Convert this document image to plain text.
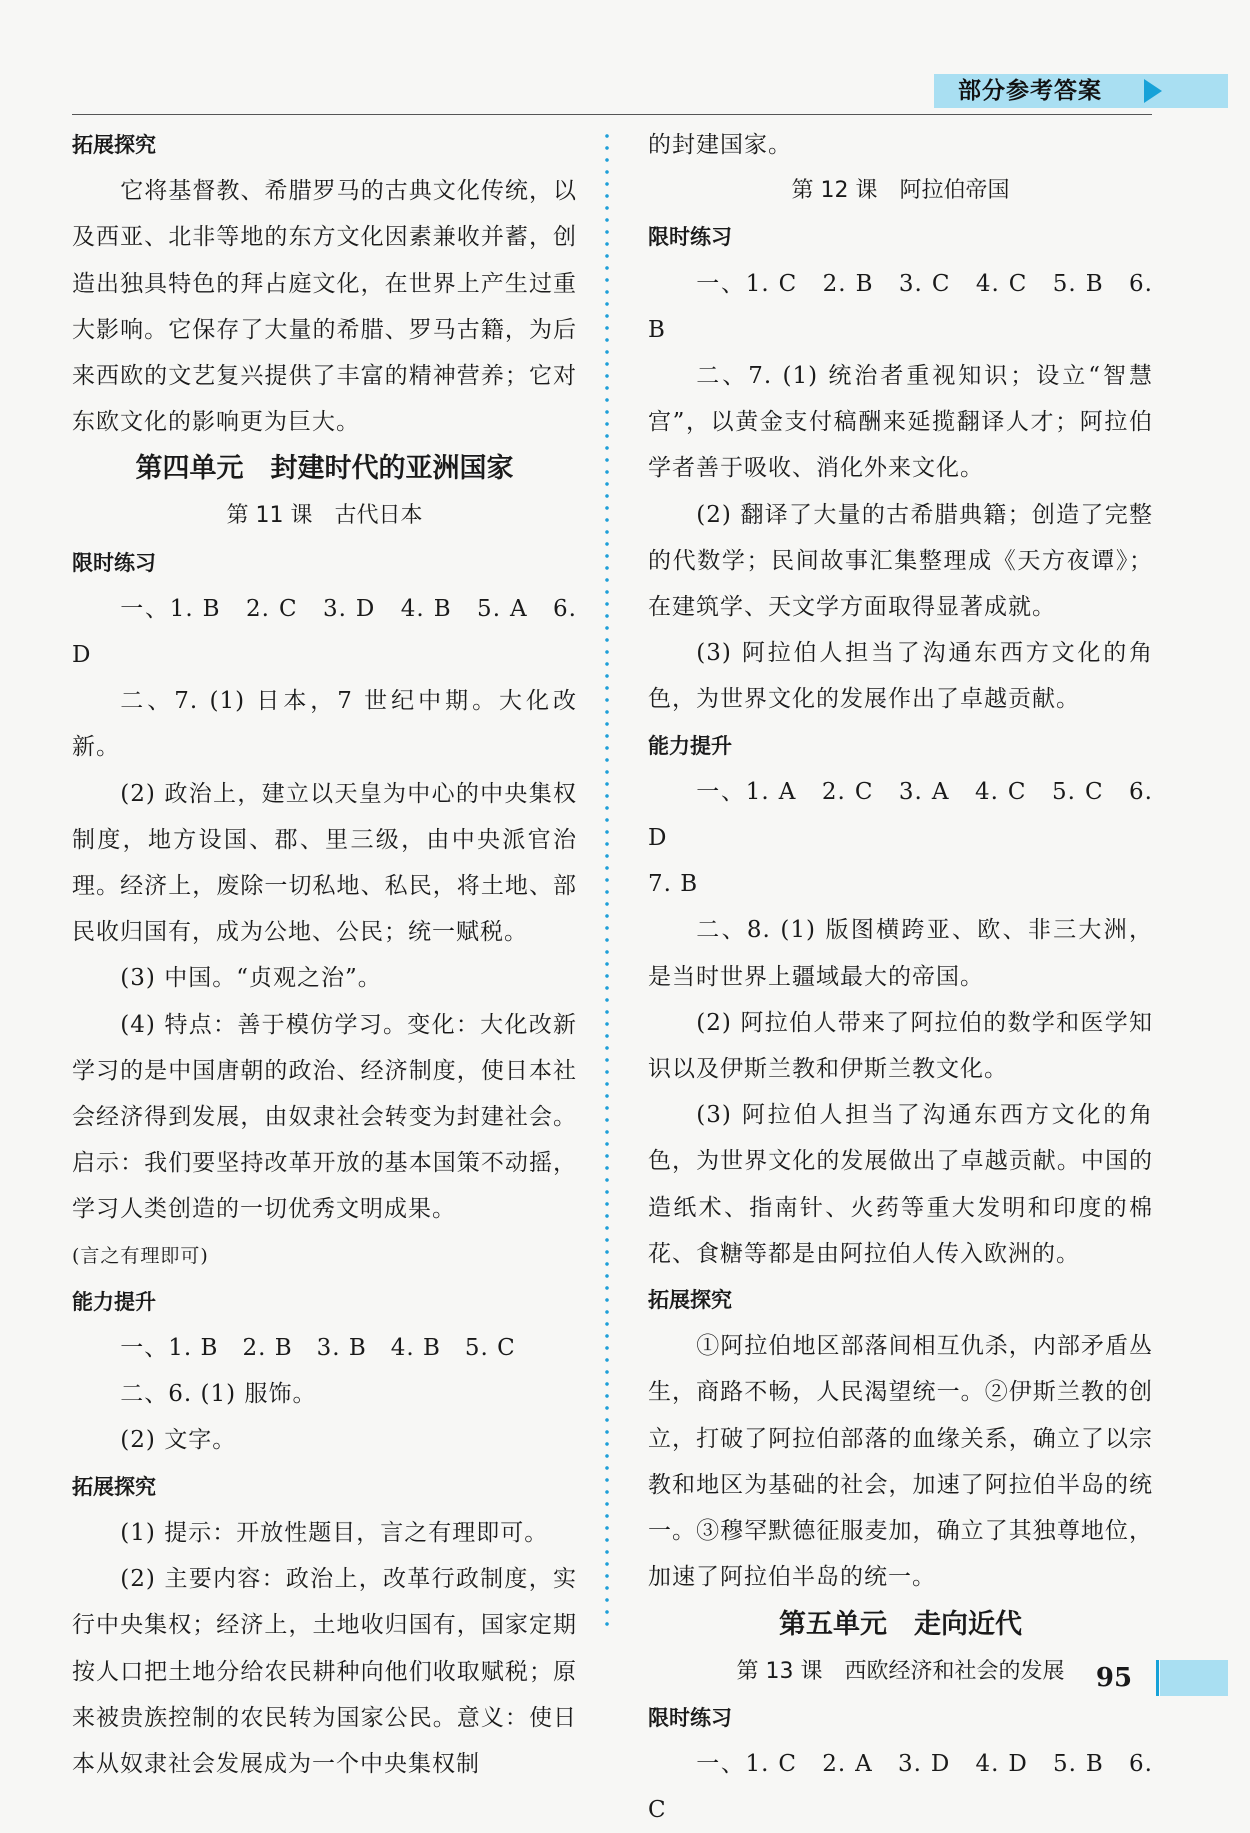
部分参考答案

拓展探究

它将基督教、希腊罗马的古典文化传统，以及西亚、北非等地的东方文化因素兼收并蓄，创造出独具特色的拜占庭文化，在世界上产生过重大影响。它保存了大量的希腊、罗马古籍，为后来西欧的文艺复兴提供了丰富的精神营养；它对东欧文化的影响更为巨大。

第四单元　封建时代的亚洲国家

第 11 课　古代日本

限时练习

一、1. B　2. C　3. D　4. B　5. A　6. D

二、7. (1) 日本，7 世纪中期。大化改新。

(2) 政治上，建立以天皇为中心的中央集权制度，地方设国、郡、里三级，由中央派官治理。经济上，废除一切私地、私民，将土地、部民收归国有，成为公地、公民；统一赋税。

(3) 中国。“贞观之治”。

(4) 特点：善于模仿学习。变化：大化改新学习的是中国唐朝的政治、经济制度，使日本社会经济得到发展，由奴隶社会转变为封建社会。启示：我们要坚持改革开放的基本国策不动摇，学习人类创造的一切优秀文明成果。

(言之有理即可)

能力提升

一、1. B　2. B　3. B　4. B　5. C

二、6. (1) 服饰。

(2) 文字。

拓展探究

(1) 提示：开放性题目，言之有理即可。

(2) 主要内容：政治上，改革行政制度，实行中央集权；经济上，土地收归国有，国家定期按人口把土地分给农民耕种向他们收取赋税；原来被贵族控制的农民转为国家公民。意义：使日本从奴隶社会发展成为一个中央集权制

的封建国家。

第 12 课　阿拉伯帝国

限时练习

一、1. C　2. B　3. C　4. C　5. B　6. B

二、7. (1) 统治者重视知识；设立“智慧宫”，以黄金支付稿酬来延揽翻译人才；阿拉伯学者善于吸收、消化外来文化。

(2) 翻译了大量的古希腊典籍；创造了完整的代数学；民间故事汇集整理成《天方夜谭》；在建筑学、天文学方面取得显著成就。

(3) 阿拉伯人担当了沟通东西方文化的角色，为世界文化的发展作出了卓越贡献。

能力提升

一、1. A　2. C　3. A　4. C　5. C　6. D

7. B

二、8. (1) 版图横跨亚、欧、非三大洲，是当时世界上疆域最大的帝国。

(2) 阿拉伯人带来了阿拉伯的数学和医学知识以及伊斯兰教和伊斯兰教文化。

(3) 阿拉伯人担当了沟通东西方文化的角色，为世界文化的发展做出了卓越贡献。中国的造纸术、指南针、火药等重大发明和印度的棉花、食糖等都是由阿拉伯人传入欧洲的。

拓展探究

①阿拉伯地区部落间相互仇杀，内部矛盾丛生，商路不畅，人民渴望统一。②伊斯兰教的创立，打破了阿拉伯部落的血缘关系，确立了以宗教和地区为基础的社会，加速了阿拉伯半岛的统一。③穆罕默德征服麦加，确立了其独尊地位，加速了阿拉伯半岛的统一。

第五单元　走向近代

第 13 课　西欧经济和社会的发展

限时练习

一、1. C　2. A　3. D　4. D　5. B　6. C

95
